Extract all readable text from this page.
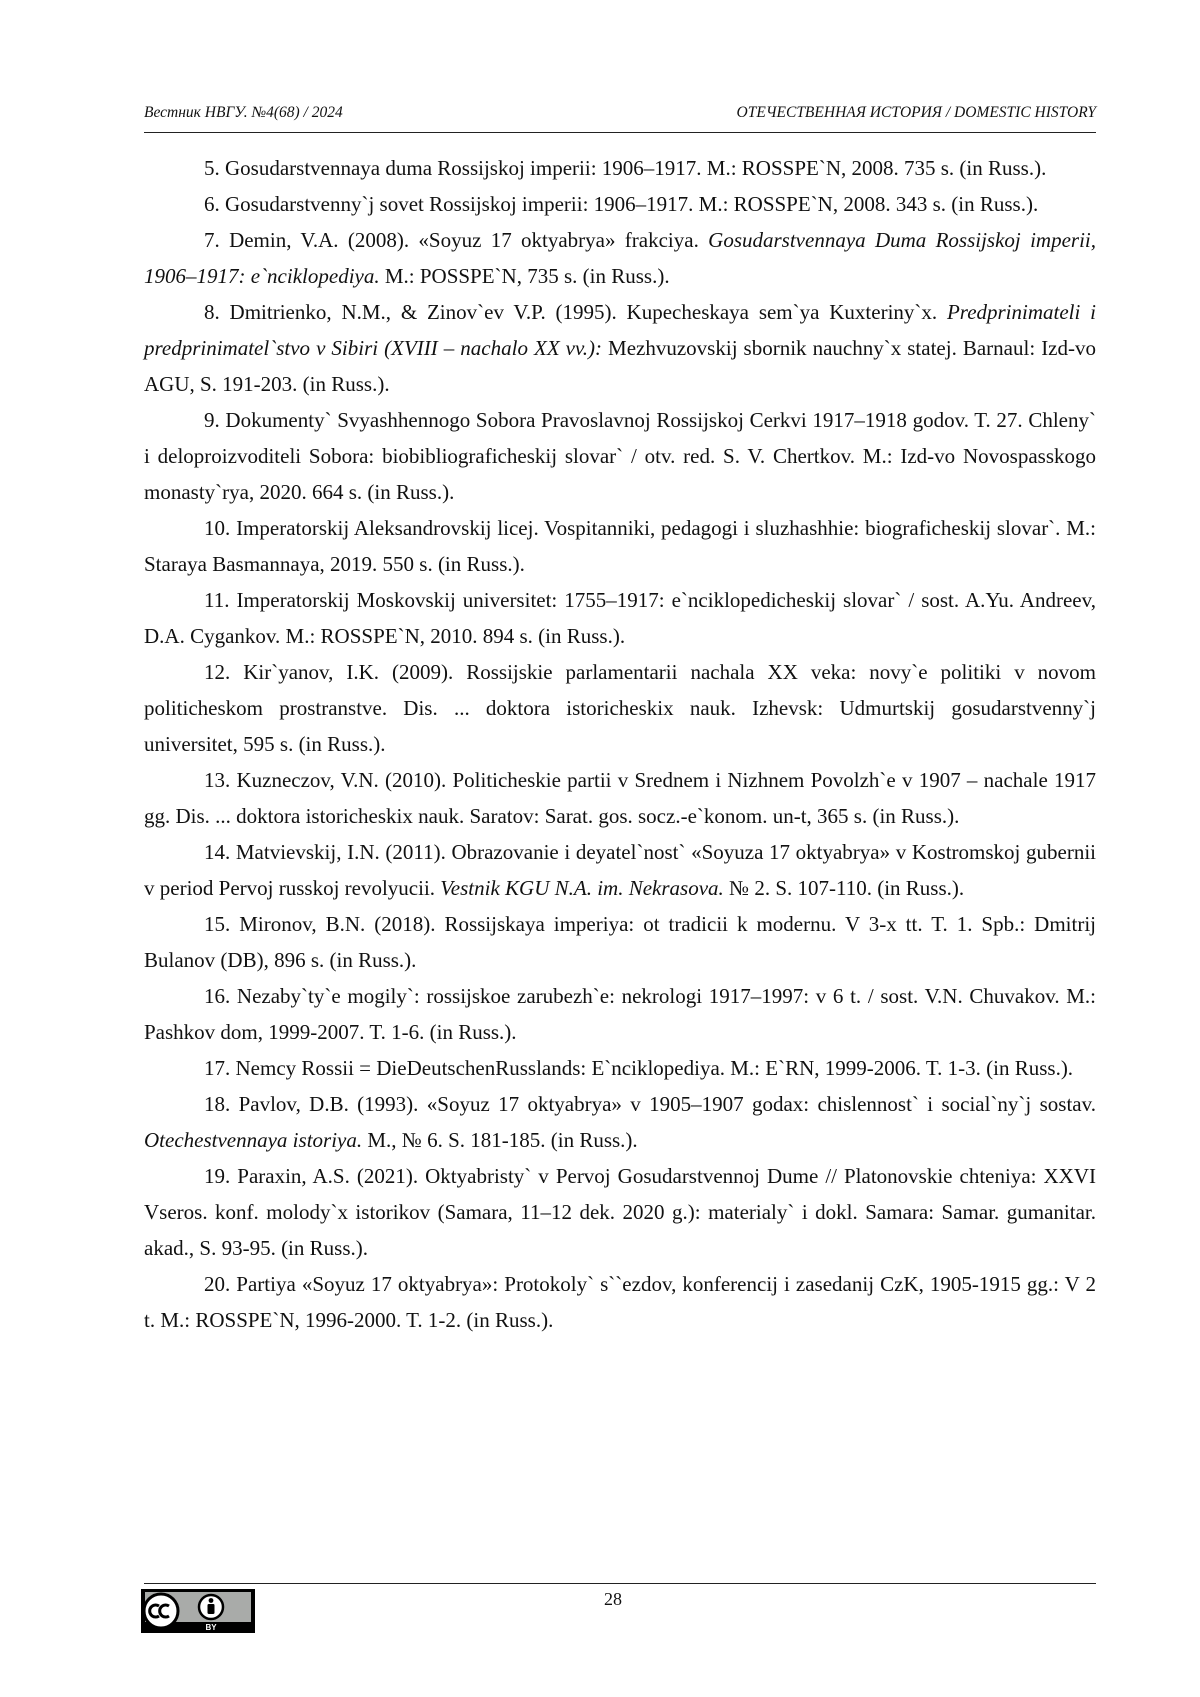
Вестник НВГУ. №4(68) / 2024	ОТЕЧЕСТВЕННАЯ ИСТОРИЯ / DOMESTIC HISTORY

5. Gosudarstvennaya duma Rossijskoj imperii: 1906–1917. M.: ROSSPE`N, 2008. 735 s. (in Russ.).

6. Gosudarstvenny`j sovet Rossijskoj imperii: 1906–1917. M.: ROSSPE`N, 2008. 343 s. (in Russ.).

7. Demin, V.A. (2008). «Soyuz 17 oktyabrya» frakciya. Gosudarstvennaya Duma Rossijskoj imperii, 1906–1917: e`nciklopediya. M.: POSSPE`N, 735 s. (in Russ.).

8. Dmitrienko, N.M., & Zinov`ev V.P. (1995). Kupecheskaya sem`ya Kuxteriny`x. Predprinimateli i predprinimatel`stvo v Sibiri (XVIII – nachalo XX vv.): Mezhvuzovskij sbornik nauchny`x statej. Barnaul: Izd-vo AGU, S. 191-203. (in Russ.).

9. Dokumenty` Svyashhennogo Sobora Pravoslavnoj Rossijskoj Cerkvi 1917–1918 godov. T. 27. Chleny` i deloproizvoditeli Sobora: biobibliograficheskij slovar` / otv. red. S. V. Chertkov. M.: Izd-vo Novospasskogo monasty`rya, 2020. 664 s. (in Russ.).

10. Imperatorskij Aleksandrovskij licej. Vospitanniki, pedagogi i sluzhashhie: biograficheskij slovar`. M.: Staraya Basmannaya, 2019. 550 s. (in Russ.).

11. Imperatorskij Moskovskij universitet: 1755–1917: e`nciklopedicheskij slovar` / sost. A.Yu. Andreev, D.A. Cygankov. M.: ROSSPE`N, 2010. 894 s. (in Russ.).

12. Kir`yanov, I.K. (2009). Rossijskie parlamentarii nachala XX veka: novy`e politiki v novom politicheskom prostranstve. Dis. ... doktora istoricheskix nauk. Izhevsk: Udmurtskij gosudarstvenny`j universitet, 595 s. (in Russ.).

13. Kuzneczov, V.N. (2010). Politicheskie partii v Srednem i Nizhnem Povolzh`e v 1907 – nachale 1917 gg. Dis. ... doktora istoricheskix nauk. Saratov: Sarat. gos. socz.-e`konom. un-t, 365 s. (in Russ.).

14. Matvievskij, I.N. (2011). Obrazovanie i deyatel`nost` «Soyuza 17 oktyabrya» v Kostromskoj gubernii v period Pervoj russkoj revolyucii. Vestnik KGU N.A. im. Nekrasova. № 2. S. 107-110. (in Russ.).

15. Mironov, B.N. (2018). Rossijskaya imperiya: ot tradicii k modernu. V 3-x tt. T. 1. Spb.: Dmitrij Bulanov (DB), 896 s. (in Russ.).

16. Nezaby`ty`e mogily`: rossijskoe zarubezh`e: nekrologi 1917–1997: v 6 t. / sost. V.N. Chuvakov. M.: Pashkov dom, 1999-2007. T. 1-6. (in Russ.).

17. Nemcy Rossii = DieDeutschenRusslands: E`nciklopediya. M.: E`RN, 1999-2006. T. 1-3. (in Russ.).

18. Pavlov, D.B. (1993). «Soyuz 17 oktyabrya» v 1905–1907 godax: chislennost` i social`ny`j sostav. Otechestvennaya istoriya. M., № 6. S. 181-185. (in Russ.).

19. Paraxin, A.S. (2021). Oktyabristy` v Pervoj Gosudarstvennoj Dume // Platonovskie chteniya: XXVI Vseros. konf. molody`x istorikov (Samara, 11–12 dek. 2020 g.): materialy` i dokl. Samara: Samar. gumanitar. akad., S. 93-95. (in Russ.).

20. Partiya «Soyuz 17 oktyabrya»: Protokoly` s``ezdov, konferencij i zasedanij CzK, 1905-1915 gg.: V 2 t. M.: ROSSPE`N, 1996-2000. T. 1-2. (in Russ.).

BY
28
